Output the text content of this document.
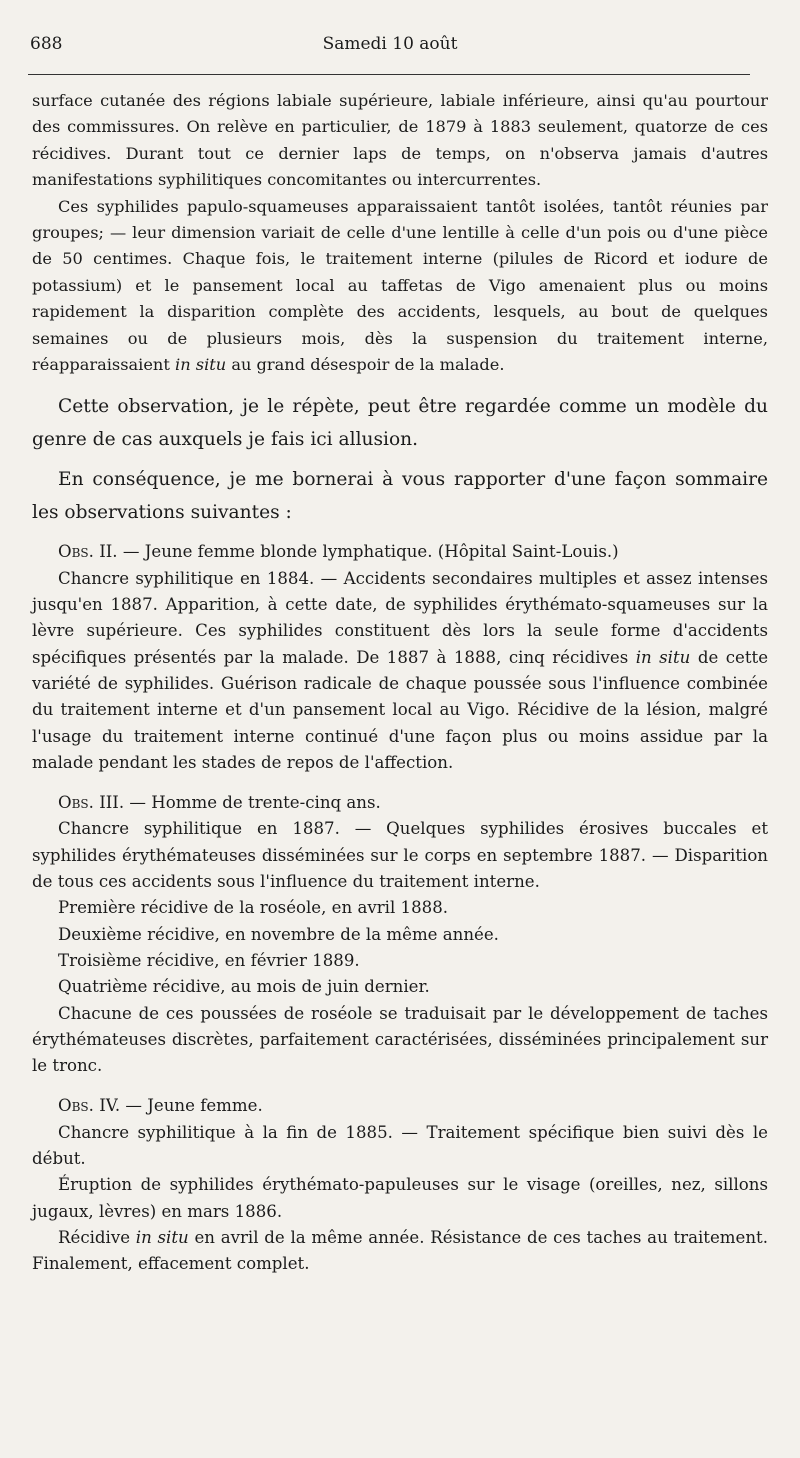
688	Samedi 10 août

surface cutanée des régions labiale supérieure, labiale inférieure, ainsi qu'au pourtour des commissures. On relève en particulier, de 1879 à 1883 seulement, quatorze de ces récidives. Durant tout ce dernier laps de temps, on n'observa jamais d'autres manifestations syphilitiques concomitantes ou intercurrentes.

Ces syphilides papulo-squameuses apparaissaient tantôt isolées, tantôt réunies par groupes; — leur dimension variait de celle d'une lentille à celle d'un pois ou d'une pièce de 50 centimes. Chaque fois, le traitement interne (pilules de Ricord et iodure de potassium) et le pansement local au taffetas de Vigo amenaient plus ou moins rapidement la disparition complète des accidents, lesquels, au bout de quelques semaines ou de plusieurs mois, dès la suspension du traitement interne, réapparaissaient in situ au grand désespoir de la malade.

Cette observation, je le répète, peut être regardée comme un modèle du genre de cas auxquels je fais ici allusion.

En conséquence, je me bornerai à vous rapporter d'une façon sommaire les observations suivantes :

Obs. II. — Jeune femme blonde lymphatique. (Hôpital Saint-Louis.)

Chancre syphilitique en 1884. — Accidents secondaires multiples et assez intenses jusqu'en 1887. Apparition, à cette date, de syphilides érythémato-squameuses sur la lèvre supérieure. Ces syphilides constituent dès lors la seule forme d'accidents spécifiques présentés par la malade. De 1887 à 1888, cinq récidives in situ de cette variété de syphilides. Guérison radicale de chaque poussée sous l'influence combinée du traitement interne et d'un pansement local au Vigo. Récidive de la lésion, malgré l'usage du traitement interne continué d'une façon plus ou moins assidue par la malade pendant les stades de repos de l'affection.

Obs. III. — Homme de trente-cinq ans.

Chancre syphilitique en 1887. — Quelques syphilides érosives buccales et syphilides érythémateuses disséminées sur le corps en septembre 1887. — Disparition de tous ces accidents sous l'influence du traitement interne.

Première récidive de la roséole, en avril 1888.

Deuxième récidive, en novembre de la même année.

Troisième récidive, en février 1889.

Quatrième récidive, au mois de juin dernier.

Chacune de ces poussées de roséole se traduisait par le développement de taches érythémateuses discrètes, parfaitement caractérisées, disséminées principalement sur le tronc.

Obs. IV. — Jeune femme.

Chancre syphilitique à la fin de 1885. — Traitement spécifique bien suivi dès le début.

Éruption de syphilides érythémato-papuleuses sur le visage (oreilles, nez, sillons jugaux, lèvres) en mars 1886.

Récidive in situ en avril de la même année. Résistance de ces taches au traitement. Finalement, effacement complet.
